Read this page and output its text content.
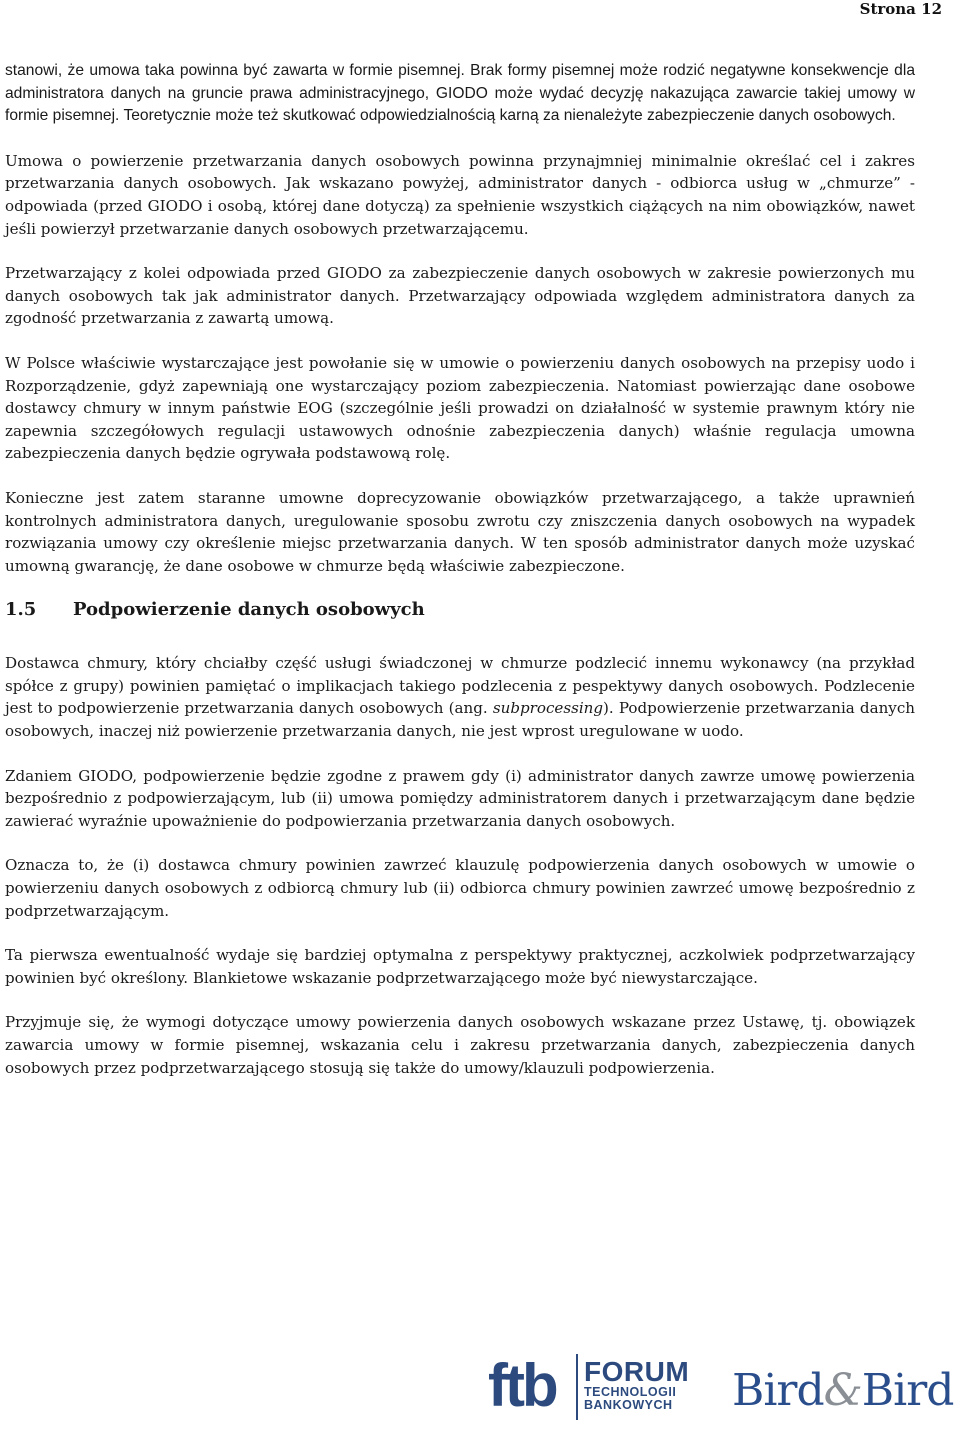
Strona 12

stanowi, że umowa taka powinna być zawarta w formie pisemnej. Brak formy pisemnej może rodzić negatywne konsekwencje dla administratora danych na gruncie prawa administracyjnego, GIODO może wydać decyzję nakazująca zawarcie takiej umowy w formie pisemnej. Teoretycznie może też skutkować odpowiedzialnością karną za nienależyte zabezpieczenie danych osobowych.

Umowa o powierzenie przetwarzania danych osobowych powinna przynajmniej minimalnie określać cel i zakres przetwarzania danych osobowych. Jak wskazano powyżej, administrator danych - odbiorca usług w „chmurze” - odpowiada (przed GIODO i osobą, której dane dotyczą) za spełnienie wszystkich ciążących na nim obowiązków, nawet jeśli powierzył przetwarzanie danych osobowych przetwarzającemu.

Przetwarzający z kolei odpowiada przed GIODO za zabezpieczenie danych osobowych w zakresie powierzonych mu danych osobowych tak jak administrator danych. Przetwarzający odpowiada względem administratora danych za zgodność przetwarzania z zawartą umową.

W Polsce właściwie wystarczające jest powołanie się w umowie o powierzeniu danych osobowych na przepisy uodo i Rozporządzenie, gdyż zapewniają one wystarczający poziom zabezpieczenia. Natomiast powierzając dane osobowe dostawcy chmury w innym państwie EOG (szczególnie jeśli prowadzi on działalność w systemie prawnym który nie zapewnia szczegółowych regulacji ustawowych odnośnie zabezpieczenia danych) właśnie regulacja umowna zabezpieczenia danych będzie ogrywała podstawową rolę.

Konieczne jest zatem staranne umowne doprecyzowanie obowiązków przetwarzającego, a także uprawnień kontrolnych administratora danych, uregulowanie sposobu zwrotu czy zniszczenia danych osobowych na wypadek rozwiązania umowy czy określenie miejsc przetwarzania danych. W ten sposób administrator danych może uzyskać umowną gwarancję, że dane osobowe w chmurze będą właściwie zabezpieczone.

1.5	Podpowierzenie danych osobowych

Dostawca chmury, który chciałby część usługi świadczonej w chmurze podzlecić innemu wykonawcy (na przykład spółce z grupy) powinien pamiętać o implikacjach takiego podzlecenia z pespektywy danych osobowych. Podzlecenie jest to podpowierzenie przetwarzania danych osobowych (ang. subprocessing). Podpowierzenie przetwarzania danych osobowych, inaczej niż powierzenie przetwarzania danych, nie jest wprost uregulowane w uodo.

Zdaniem GIODO, podpowierzenie będzie zgodne z prawem gdy (i) administrator danych zawrze umowę powierzenia bezpośrednio z podpowierzającym, lub (ii) umowa pomiędzy administratorem danych i przetwarzającym dane będzie zawierać wyraźnie upoważnienie do podpowierzania przetwarzania danych osobowych.

Oznacza to, że (i) dostawca chmury powinien zawrzeć klauzulę podpowierzenia danych osobowych w umowie o powierzeniu danych osobowych z odbiorcą chmury lub (ii) odbiorca chmury powinien zawrzeć umowę bezpośrednio z podprzetwarzającym.

Ta pierwsza ewentualność wydaje się bardziej optymalna z perspektywy praktycznej, aczkolwiek podprzetwarzający powinien być określony. Blankietowe wskazanie podprzetwarzającego może być niewystarczające.

Przyjmuje się, że wymogi dotyczące umowy powierzenia danych osobowych wskazane przez Ustawę, tj. obowiązek zawarcia umowy w formie pisemnej, wskazania celu i zakresu przetwarzania danych, zabezpieczenia danych osobowych przez podprzetwarzającego stosują się także do umowy/klauzuli podpowierzenia.

ftb FORUM
TECHNOLOGII
BANKOWYCH	Bird&Bird
